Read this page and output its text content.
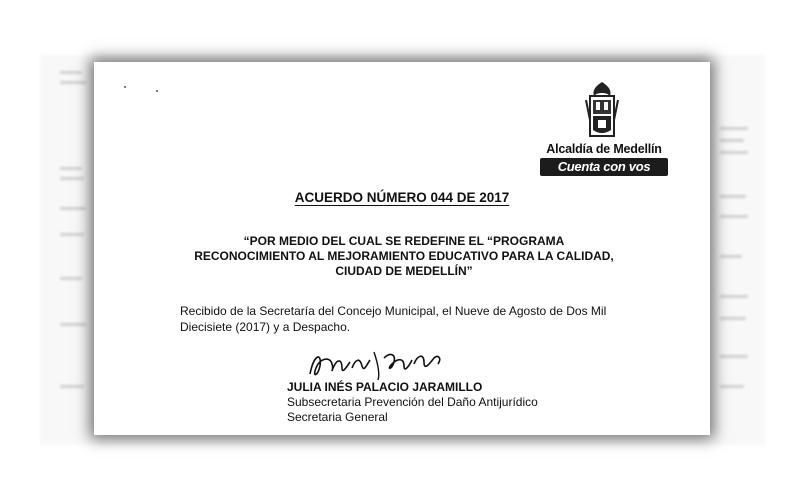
Alcaldía de Medellín
Cuenta con vos
ACUERDO NÚMERO 044 DE 2017
“POR MEDIO DEL CUAL SE REDEFINE EL “PROGRAMA
RECONOCIMIENTO AL MEJORAMIENTO EDUCATIVO PARA LA CALIDAD,
CIUDAD DE MEDELLÍN”
Recibido de la Secretaría del Concejo Municipal, el Nueve de Agosto de Dos Mil
Diecisiete (2017) y a Despacho.
JULIA INÉS PALACIO JARAMILLO
Subsecretaria Prevención del Daño Antijurídico
Secretaria General
